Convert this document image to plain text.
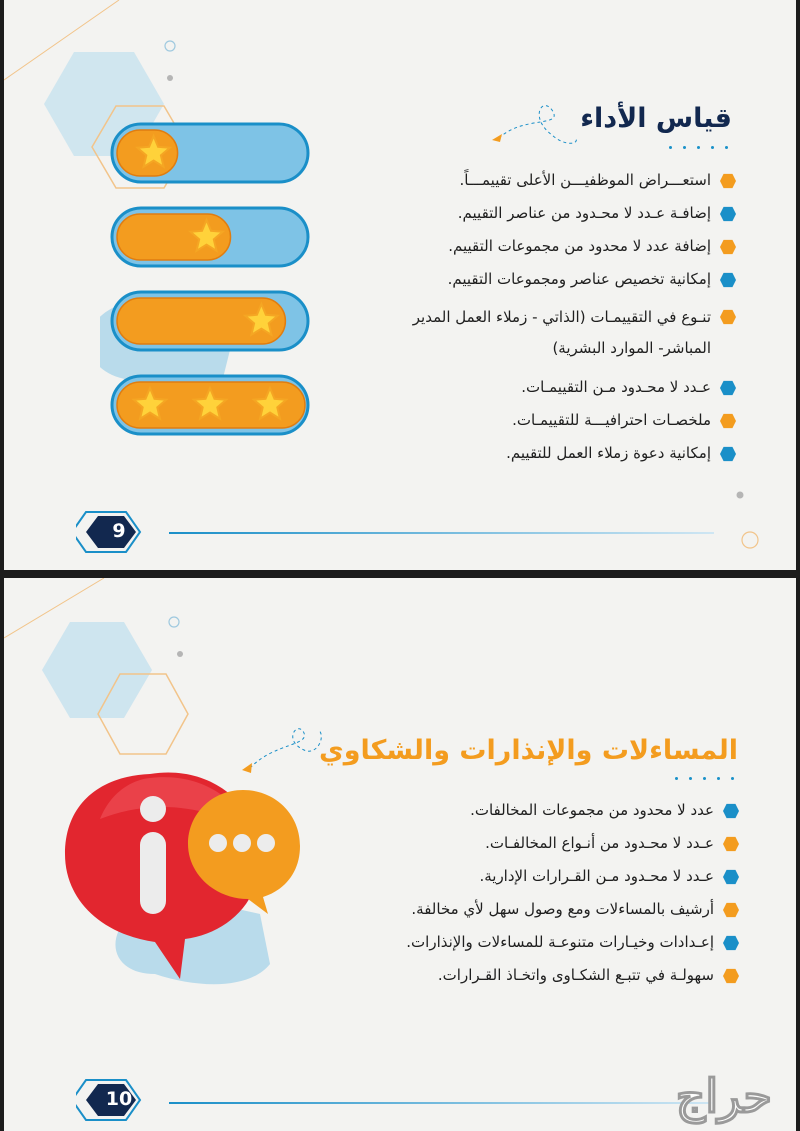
قياس الأداء
استعـــراض الموظفيـــن الأعلى تقييمـــاً.
إضافـة عـدد لا محـدود من عناصر التقييم.
إضافة عدد لا محدود من مجموعات التقييم.
إمكانية تخصيص عناصر ومجموعات التقييم.
تنـوع في التقييمـات (الذاتي - زملاء العمل المدير المباشر- الموارد البشرية)
عـدد لا محـدود مـن التقييمـات.
ملخصـات احترافيـــة للتقييمـات.
إمكانية دعوة زملاء العمل للتقييم.
9
المساءلات والإنذارات والشكاوي
عدد لا محدود من مجموعات المخالفات.
عـدد لا محـدود من أنـواع المخالفـات.
عـدد لا محـدود مـن القـرارات الإدارية.
أرشيف بالمساءلات ومع وصول سهل لأي مخالفة.
إعـدادات وخيـارات متنوعـة للمساءلات والإنذارات.
سهولـة في تتبـع الشكـاوى واتخـاذ القـرارات.
10	حراج
